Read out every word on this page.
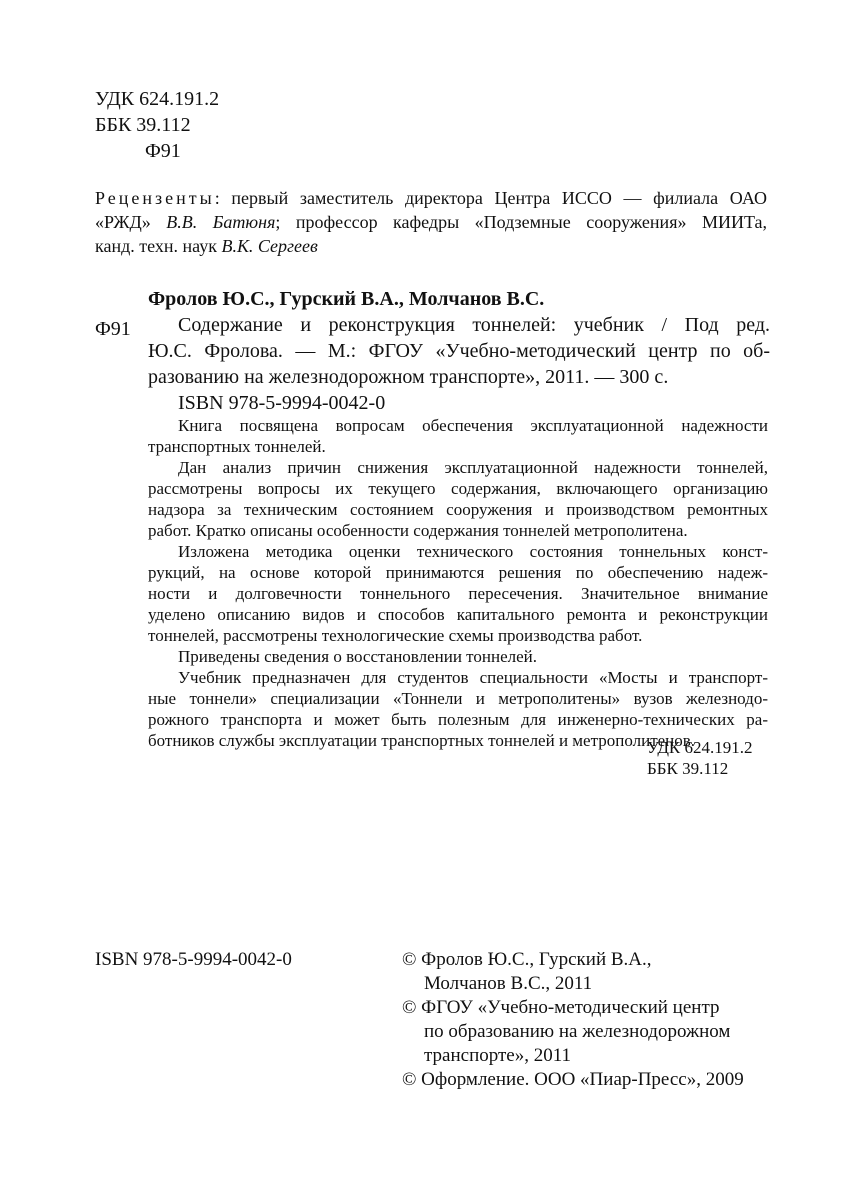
УДК 624.191.2
ББК 39.112
Ф91
Рецензенты: первый заместитель директора Центра ИССО — филиала ОАО
«РЖД» В.В. Батюня; профессор кафедры «Подземные сооружения» МИИТа,
канд. техн. наук В.К. Сергеев
Фролов Ю.С., Гурский В.А., Молчанов В.С.
Ф91	Содержание и реконструкция тоннелей: учебник / Под ред.
Ю.С. Фролова. — М.: ФГОУ «Учебно-методический центр по об-
разованию на железнодорожном транспорте», 2011. — 300 с.
ISBN 978-5-9994-0042-0
Книга посвящена вопросам обеспечения эксплуатационной надежности
транспортных тоннелей.
Дан анализ причин снижения эксплуатационной надежности тоннелей,
рассмотрены вопросы их текущего содержания, включающего организацию
надзора за техническим состоянием сооружения и производством ремонтных
работ. Кратко описаны особенности содержания тоннелей метрополитена.
Изложена методика оценки технического состояния тоннельных конст-
рукций, на основе которой принимаются решения по обеспечению надеж-
ности и долговечности тоннельного пересечения. Значительное внимание
уделено описанию видов и способов капитального ремонта и реконструкции
тоннелей, рассмотрены технологические схемы производства работ.
Приведены сведения о восстановлении тоннелей.
Учебник предназначен для студентов специальности «Мосты и транспорт-
ные тоннели» специализации «Тоннели и метрополитены» вузов железнодо-
рожного транспорта и может быть полезным для инженерно-технических ра-
ботников службы эксплуатации транспортных тоннелей и метрополитенов.
УДК 624.191.2
ББК 39.112
ISBN 978-5-9994-0042-0	© Фролов Ю.С., Гурский В.А.,
Молчанов В.С., 2011
© ФГОУ «Учебно-методический центр
по образованию на железнодорожном
транспорте», 2011
© Оформление. ООО «Пиар-Пресс», 2009
